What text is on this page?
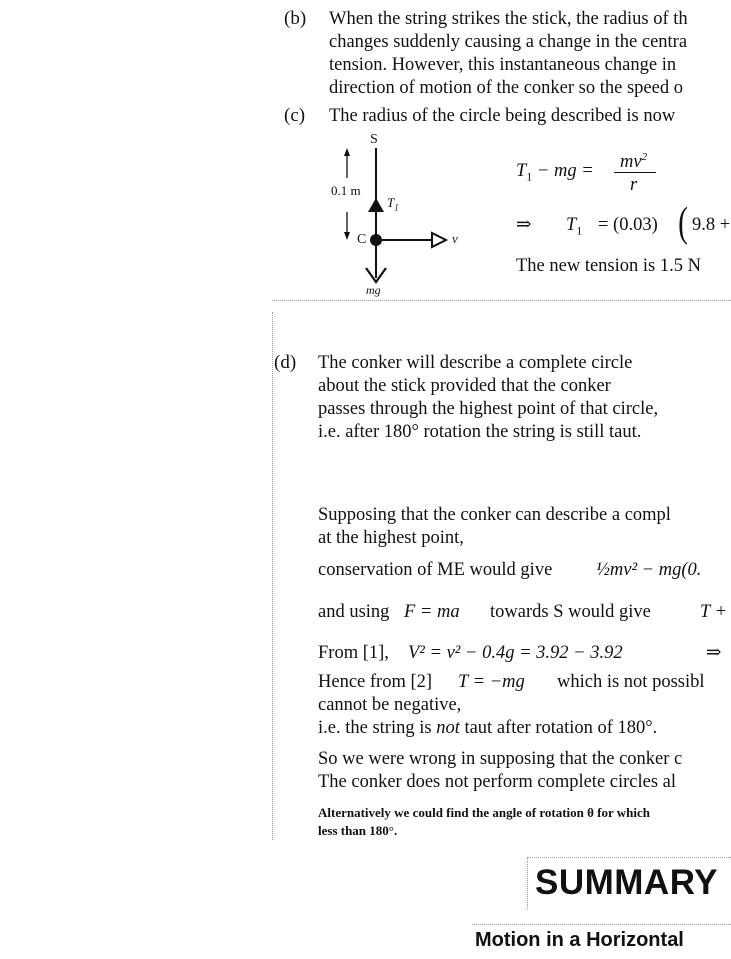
(b) When the string strikes the stick, the radius of th
changes suddenly causing a change in the centra
tension. However, this instantaneous change in
direction of motion of the conker so the speed o
(c) The radius of the circle being described is now
S
0.1 m
$T_1$
C	v
mg
$T_1$ − mg = $mv^2$
r
⇒ $T_1 = (0.03)$ ( 9.8 +
The new tension is 1.5 N
(d) The conker will describe a complete circle
about the stick provided that the conker
passes through the highest point of that circle,
i.e. after 180° rotation the string is still taut.
Supposing that the conker can describe a compl
at the highest point,
conservation of ME would give ½mv² − mg(0.
and using F = ma towards S would give	T +
From [1], V² = v² − 0.4g = 3.92 − 3.92	⇒
Hence from [2] T = −mg which is not possibl
cannot be negative,
i.e. the string is not taut after rotation of 180°.
So we were wrong in supposing that the conker c
The conker does not perform complete circles al
Alternatively we could find the angle of rotation θ for which
less than 180°.
SUMMARY
Motion in a Horizontal
